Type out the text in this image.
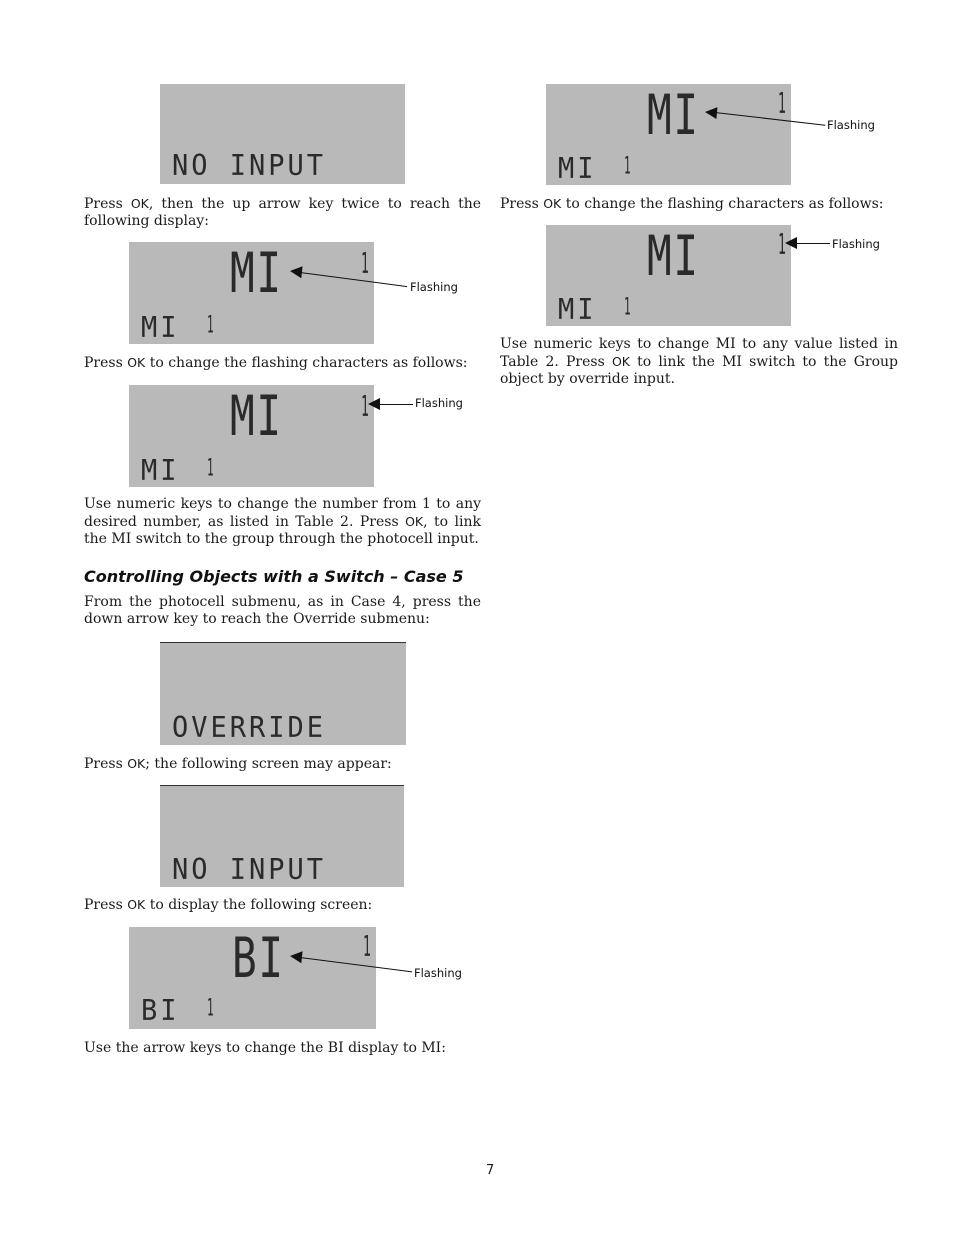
NO INPUT

Press OK, then the up arrow key twice to reach the following display:

MI	1
MI 1
Flashing

Press OK to change the flashing characters as follows:

MI	1
MI 1
Flashing

Use numeric keys to change the number from 1 to any desired number, as listed in Table 2. Press OK, to link the MI switch to the group through the photocell input.

Controlling Objects with a Switch – Case 5

From the photocell submenu, as in Case 4, press the down arrow key to reach the Override submenu:

OVERRIDE

Press OK; the following screen may appear:

NO INPUT

Press OK to display the following screen:

BI	1
BI 1
Flashing

Use the arrow keys to change the BI display to MI:

MI	1
MI 1
Flashing

Press OK to change the flashing characters as follows:

MI	1
MI 1
Flashing

Use numeric keys to change MI to any value listed in Table 2. Press OK to link the MI switch to the Group object by override input.

7
